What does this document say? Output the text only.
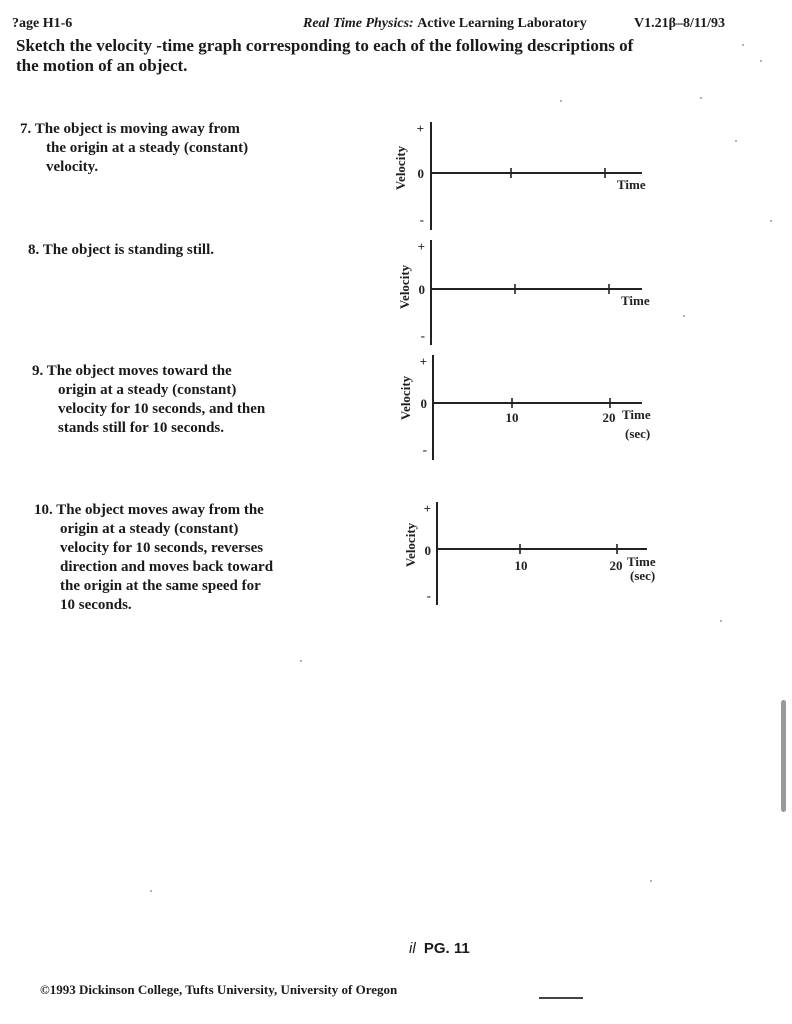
?age H1-6	Real Time Physics: Active Learning Laboratory	V1.21β–8/11/93
Sketch the velocity -time graph corresponding to each of the following descriptions of
the motion of an object.
7. The object is moving away from
the origin at a steady (constant)
velocity.
8. The object is standing still.
9. The object moves toward the
origin at a steady (constant)
velocity for 10 seconds, and then
stands still for 10 seconds.
10. The object moves away from the
origin at a steady (constant)
velocity for 10 seconds, reverses
direction and moves back toward
the origin at the same speed for
10 seconds.
+
0
-
Velocity	Time
+
0
-
Velocity	Time
+
0
-
Velocity	10	20 Time
(sec)
+
0
-
Velocity	10	20 Time
(sec)
il PG. 11
©1993 Dickinson College, Tufts University, University of Oregon
